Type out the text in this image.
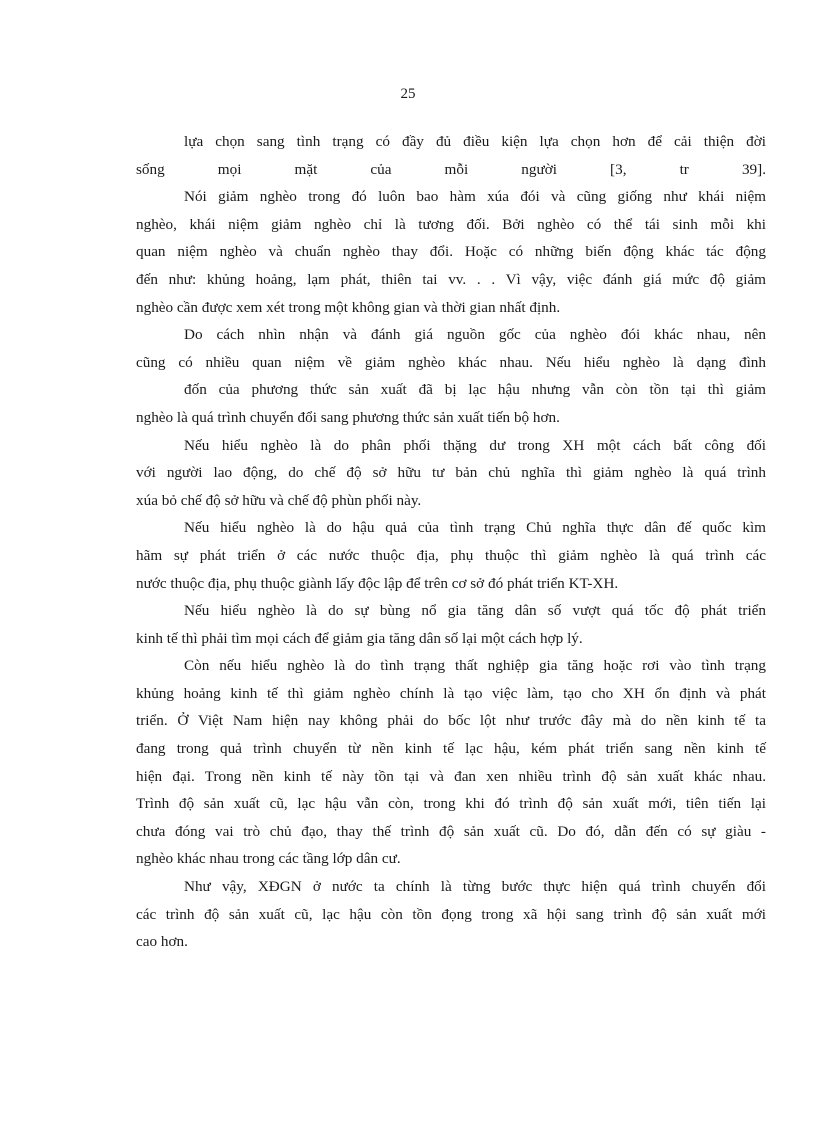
25
lựa chọn sang tình trạng có đầy đủ điều kiện lựa chọn hơn để cải thiện đời
sống mọi mặt của mỗi người [3, tr 39].
Nói giảm nghèo trong đó luôn bao hàm xúa đói và cũng giống như khái niệm
nghèo, khái niệm giảm nghèo chỉ là tương đối. Bởi nghèo có thể tái sinh mỗi khi
quan niệm nghèo và chuẩn nghèo thay đổi. Hoặc có những biến động khác tác động
đến như: khủng hoảng, lạm phát, thiên tai vv. . . Vì vậy, việc đánh giá mức độ giảm
nghèo cần được xem xét trong một không gian và thời gian nhất định.
Do cách nhìn nhận và đánh giá nguồn gốc của nghèo đói khác nhau, nên
cũng có nhiều quan niệm về giảm nghèo khác nhau. Nếu hiểu nghèo là dạng đình
đốn của phương thức sản xuất đã bị lạc hậu nhưng vẫn còn tồn tại thì giảm
nghèo là quá trình chuyển đổi sang phương thức sản xuất tiến bộ hơn.
Nếu hiểu nghèo là do phân phối thặng dư trong XH một cách bất công đối
với người lao động, do chế độ sở hữu tư bản chủ nghĩa thì giảm nghèo là quá trình
xúa bỏ chế độ sở hữu và chế độ phùn phối này.
Nếu hiểu nghèo là do hậu quả của tình trạng Chủ nghĩa thực dân đế quốc kìm
hãm sự phát triển ở các nước thuộc địa, phụ thuộc thì giảm nghèo là quá trình các
nước thuộc địa, phụ thuộc giành lấy độc lập để trên cơ sở đó phát triển KT-XH.
Nếu hiểu nghèo là do sự bùng nổ gia tăng dân số vượt quá tốc độ phát triển
kinh tế thì phải tìm mọi cách để giảm gia tăng dân số lại một cách hợp lý.
Còn nếu hiểu nghèo là do tình trạng thất nghiệp gia tăng hoặc rơi vào tình trạng
khủng hoảng kinh tế thì giảm nghèo chính là tạo việc làm, tạo cho XH ổn định và phát
triển. Ở Việt Nam hiện nay không phải do bốc lột như trước đây mà do nền kinh tế ta
đang trong quả trình chuyển từ nền kinh tế lạc hậu, kém phát triển sang nền kinh tế
hiện đại. Trong nền kinh tế này tồn tại và đan xen nhiều trình độ sản xuất khác nhau.
Trình độ sản xuất cũ, lạc hậu vẫn còn, trong khi đó trình độ sản xuất mới, tiên tiến lại
chưa đóng vai trò chủ đạo, thay thế trình độ sản xuất cũ. Do đó, dẫn đến có sự giàu -
nghèo khác nhau trong các tầng lớp dân cư.
Như vậy, XĐGN ở nước ta chính là từng bước thực hiện quá trình chuyển đổi
các trình độ sản xuất cũ, lạc hậu còn tồn đọng trong xã hội sang trình độ sản xuất mới
cao hơn.
